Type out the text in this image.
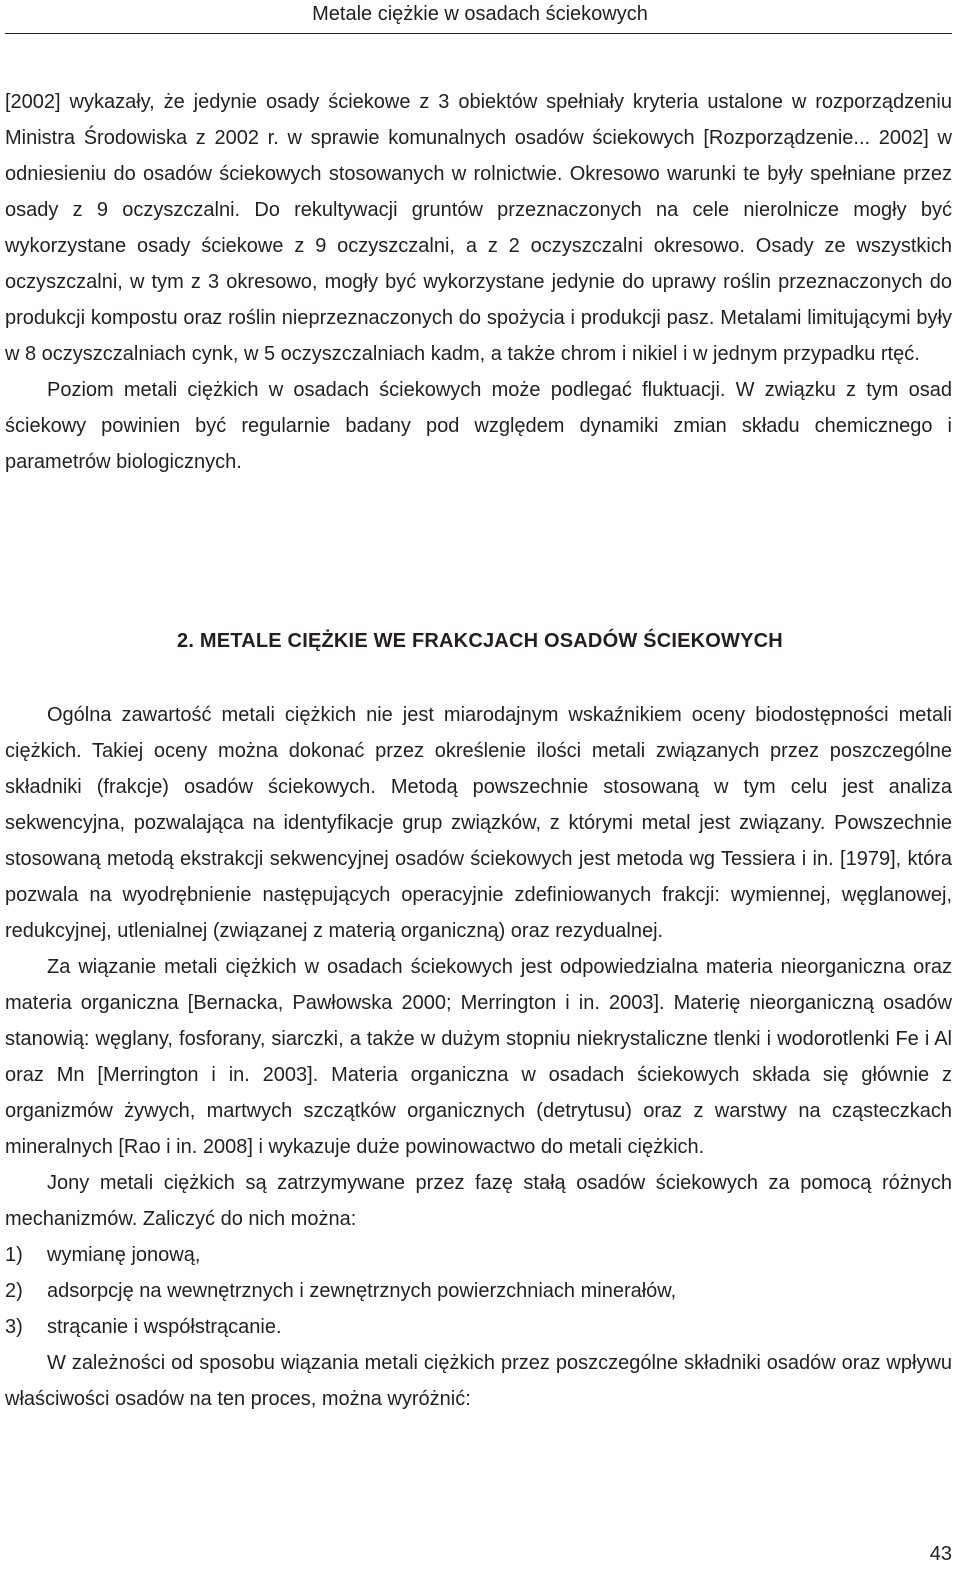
Metale ciężkie w osadach ściekowych

[2002] wykazały, że jedynie osady ściekowe z 3 obiektów spełniały kryteria ustalone w rozporządzeniu Ministra Środowiska z 2002 r. w sprawie komunalnych osadów ściekowych [Rozporządzenie... 2002] w odniesieniu do osadów ściekowych stosowanych w rolnictwie. Okresowo warunki te były spełniane przez osady z 9 oczyszczalni. Do rekultywacji gruntów przeznaczonych na cele nierolnicze mogły być wykorzystane osady ściekowe z 9 oczyszczalni, a z 2 oczyszczalni okresowo. Osady ze wszystkich oczyszczalni, w tym z 3 okresowo, mogły być wykorzystane jedynie do uprawy roślin przeznaczonych do produkcji kompostu oraz roślin nieprzeznaczonych do spożycia i produkcji pasz. Metalami limitującymi były w 8 oczyszczalniach cynk, w 5 oczyszczalniach kadm, a także chrom i nikiel i w jednym przypadku rtęć.

Poziom metali ciężkich w osadach ściekowych może podlegać fluktuacji. W związku z tym osad ściekowy powinien być regularnie badany pod względem dynamiki zmian składu chemicznego i parametrów biologicznych.

2. METALE CIĘŻKIE WE FRAKCJACH OSADÓW ŚCIEKOWYCH

Ogólna zawartość metali ciężkich nie jest miarodajnym wskaźnikiem oceny biodostępności metali ciężkich. Takiej oceny można dokonać przez określenie ilości metali związanych przez poszczególne składniki (frakcje) osadów ściekowych. Metodą powszechnie stosowaną w tym celu jest analiza sekwencyjna, pozwalająca na identyfikacje grup związków, z którymi metal jest związany. Powszechnie stosowaną metodą ekstrakcji sekwencyjnej osadów ściekowych jest metoda wg Tessiera i in. [1979], która pozwala na wyodrębnienie następujących operacyjnie zdefiniowanych frakcji: wymiennej, węglanowej, redukcyjnej, utlenialnej (związanej z materią organiczną) oraz rezydualnej.

Za wiązanie metali ciężkich w osadach ściekowych jest odpowiedzialna materia nieorganiczna oraz materia organiczna [Bernacka, Pawłowska 2000; Merrington i in. 2003]. Materię nieorganiczną osadów stanowią: węglany, fosforany, siarczki, a także w dużym stopniu niekrystaliczne tlenki i wodorotlenki Fe i Al oraz Mn [Merrington i in. 2003]. Materia organiczna w osadach ściekowych składa się głównie z organizmów żywych, martwych szczątków organicznych (detrytusu) oraz z warstwy na cząsteczkach mineralnych [Rao i in. 2008] i wykazuje duże powinowactwo do metali ciężkich.

Jony metali ciężkich są zatrzymywane przez fazę stałą osadów ściekowych za pomocą różnych mechanizmów. Zaliczyć do nich można:

1) wymianę jonową,
2) adsorpcję na wewnętrznych i zewnętrznych powierzchniach minerałów,
3) strącanie i współstrącanie.

W zależności od sposobu wiązania metali ciężkich przez poszczególne składniki osadów oraz wpływu właściwości osadów na ten proces, można wyróżnić:

43
